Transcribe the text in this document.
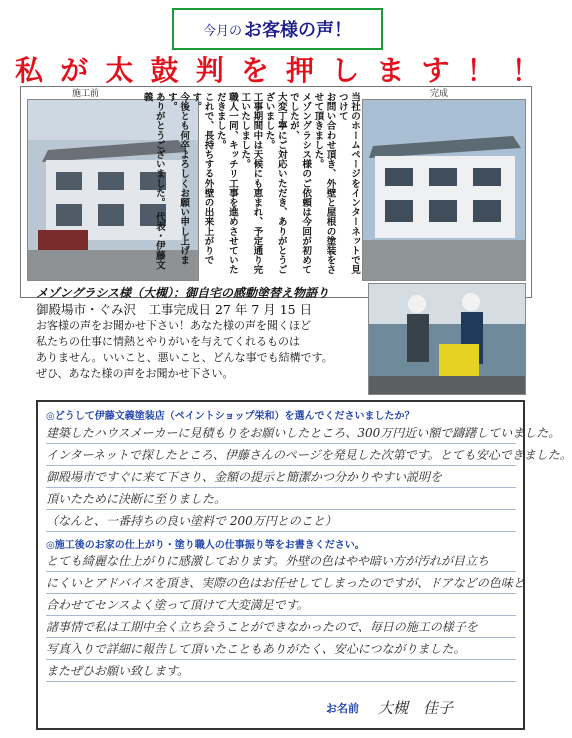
今月の お客様の声！
私 が 太 鼓 判 を 押 し ま す ！ ！
施工前	当社のホームページをインターネットで見つけて
お問い合わせ頂き、外壁と屋根の塗装をさせて頂きました。
メゾングラシス様のご依頼は今回が初めてでしたが、
大変丁寧にご対応いただき、ありがとうございました。
工事期間中は天候にも恵まれ、予定通り完工いたしました。
職人一同、キッチリ工事を進めさせていただきました。
これで、長持ちする外壁の出来上がりです。
今後とも何卒よろしくお願い申し上げます。
ありがとうございました。　代表・伊藤文義	完成
メゾングラシス様（大槻）：御自宅の感動塗替え物語り
御殿場市・ぐみ沢　工事完成日 27 年 7 月 15 日
お客様の声をお聞かせ下さい！あなた様の声を聞くほど
私たちの仕事に情熱とやりがいを与えてくれるものは
ありません。いいこと、悪いこと、どんな事でも結構です。
ぜひ、あなた様の声をお聞かせ下さい。
◎どうして伊藤文義塗装店（ペイントショップ栄和）を選んでくださいましたか？
建築したハウスメーカーに見積もりをお願いしたところ、300万円近い額で躊躇していました。
インターネットで探したところ、伊藤さんのページを発見した次第です。とても安心できました。
御殿場市ですぐに来て下さり、金額の提示と簡潔かつ分かりやすい説明を
頂いたために決断に至りました。
（なんと、一番持ちの良い塗料で 200万円とのこと）
◎施工後のお家の仕上がり・塗り職人の仕事振り等をお書きください。
とても綺麗な仕上がりに感激しております。外壁の色はやや暗い方が汚れが目立ち
にくいとアドバイスを頂き、実際の色はお任せしてしまったのですが、ドアなどの色味と
合わせてセンスよく塗って頂けて大変満足です。
諸事情で私は工期中全く立ち会うことができなかったので、毎日の施工の様子を
写真入りで詳細に報告して頂いたこともありがたく、安心につながりました。
またぜひお願い致します。
お名前 大槻　佳子
